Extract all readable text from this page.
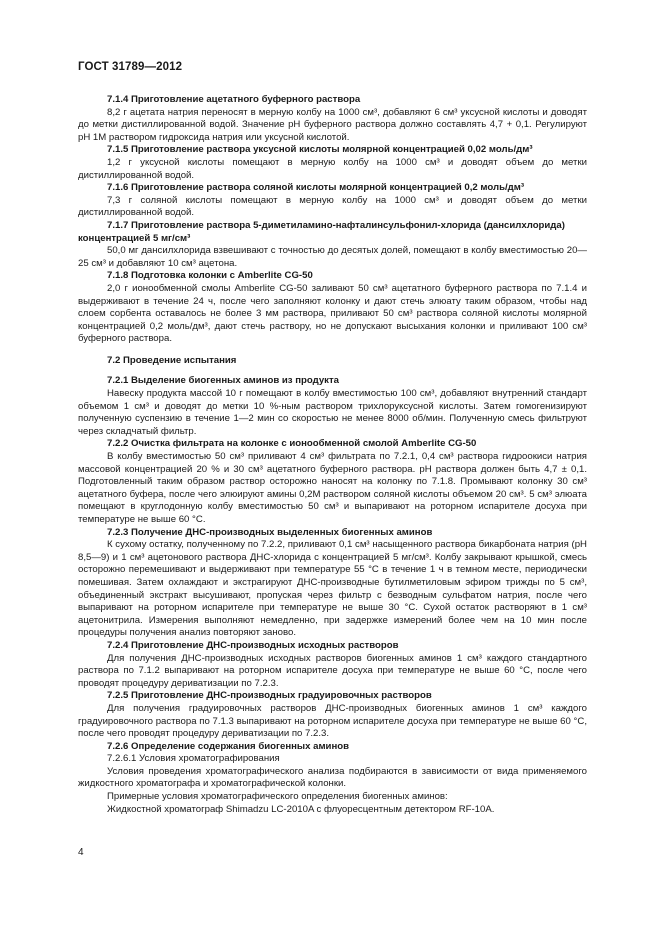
ГОСТ 31789—2012

7.1.4 Приготовление ацетатного буферного раствора

8,2 г ацетата натрия переносят в мерную колбу на 1000 см³, добавляют 6 см³ уксусной кислоты и доводят до метки дистиллированной водой. Значение pH буферного раствора должно составлять 4,7 + 0,1. Регулируют pH 1М раствором гидроксида натрия или уксусной кислотой.

7.1.5 Приготовление раствора уксусной кислоты молярной концентрацией 0,02 моль/дм³

1,2 г уксусной кислоты помещают в мерную колбу на 1000 см³ и доводят объем до метки дистиллированной водой.

7.1.6 Приготовление раствора соляной кислоты молярной концентрацией 0,2 моль/дм³

7,3 г соляной кислоты помещают в мерную колбу на 1000 см³ и доводят объем до метки дистиллированной водой.

7.1.7 Приготовление раствора 5-диметиламино-нафталинсульфонил-хлорида (дансилхлорида) концентрацией 5 мг/см³

50,0 мг дансилхлорида взвешивают с точностью до десятых долей, помещают в колбу вместимостью 20—25 см³ и добавляют 10 см³ ацетона.

7.1.8 Подготовка колонки с Amberlite CG-50

2,0 г ионообменной смолы Amberlite CG-50 заливают 50 см³ ацетатного буферного раствора по 7.1.4 и выдерживают в течение 24 ч, после чего заполняют колонку и дают стечь элюату таким образом, чтобы над слоем сорбента оставалось не более 3 мм раствора, приливают 50 см³ раствора соляной кислоты молярной концентрацией 0,2 моль/дм³, дают стечь раствору, но не допускают высыхания колонки и приливают 100 см³ буферного раствора.

7.2 Проведение испытания

7.2.1 Выделение биогенных аминов из продукта

Навеску продукта массой 10 г помещают в колбу вместимостью 100 см³, добавляют внутренний стандарт объемом 1 см³ и доводят до метки 10 %-ным раствором трихлоруксусной кислоты. Затем гомогенизируют полученную суспензию в течение 1—2 мин со скоростью не менее 8000 об/мин. Полученную смесь фильтруют через складчатый фильтр.

7.2.2 Очистка фильтрата на колонке с ионообменной смолой Amberlite CG-50

В колбу вместимостью 50 см³ приливают 4 см³ фильтрата по 7.2.1, 0,4 см³ раствора гидроокиси натрия массовой концентрацией 20 % и 30 см³ ацетатного буферного раствора. pH раствора должен быть 4,7 ± 0,1. Подготовленный таким образом раствор осторожно наносят на колонку по 7.1.8. Промывают колонку 30 см³ ацетатного буфера, после чего элюируют амины 0,2М раствором соляной кислоты объемом 20 см³. 5 см³ элюата помещают в круглодонную колбу вместимостью 50 см³ и выпаривают на роторном испарителе досуха при температуре не выше 60 °С.

7.2.3 Получение ДНС-производных выделенных биогенных аминов

К сухому остатку, полученному по 7.2.2, приливают 0,1 см³ насыщенного раствора бикарбоната натрия (pH 8,5—9) и 1 см³ ацетонового раствора ДНС-хлорида с концентрацией 5 мг/см³. Колбу закрывают крышкой, смесь осторожно перемешивают и выдерживают при температуре 55 °С в течение 1 ч в темном месте, периодически помешивая. Затем охлаждают и экстрагируют ДНС-производные бутилметиловым эфиром трижды по 5 см³, объединенный экстракт высушивают, пропуская через фильтр с безводным сульфатом натрия, после чего выпаривают на роторном испарителе при температуре не выше 30 °С. Сухой остаток растворяют в 1 см³ ацетонитрила. Измерения выполняют немедленно, при задержке измерений более чем на 10 мин после процедуры получения анализ повторяют заново.

7.2.4 Приготовление ДНС-производных исходных растворов

Для получения ДНС-производных исходных растворов биогенных аминов 1 см³ каждого стандартного раствора по 7.1.2 выпаривают на роторном испарителе досуха при температуре не выше 60 °С, после чего проводят процедуру дериватизации по 7.2.3.

7.2.5 Приготовление ДНС-производных градуировочных растворов

Для получения градуировочных растворов ДНС-производных биогенных аминов 1 см³ каждого градуировочного раствора по 7.1.3 выпаривают на роторном испарителе досуха при температуре не выше 60 °С, после чего проводят процедуру дериватизации по 7.2.3.

7.2.6 Определение содержания биогенных аминов

7.2.6.1 Условия хроматографирования

Условия проведения хроматографического анализа подбираются в зависимости от вида применяемого жидкостного хроматографа и хроматографической колонки.

Примерные условия хроматографического определения биогенных аминов:

Жидкостной хроматограф Shimadzu LC-2010A с флуоресцентным детектором RF-10A.

4
